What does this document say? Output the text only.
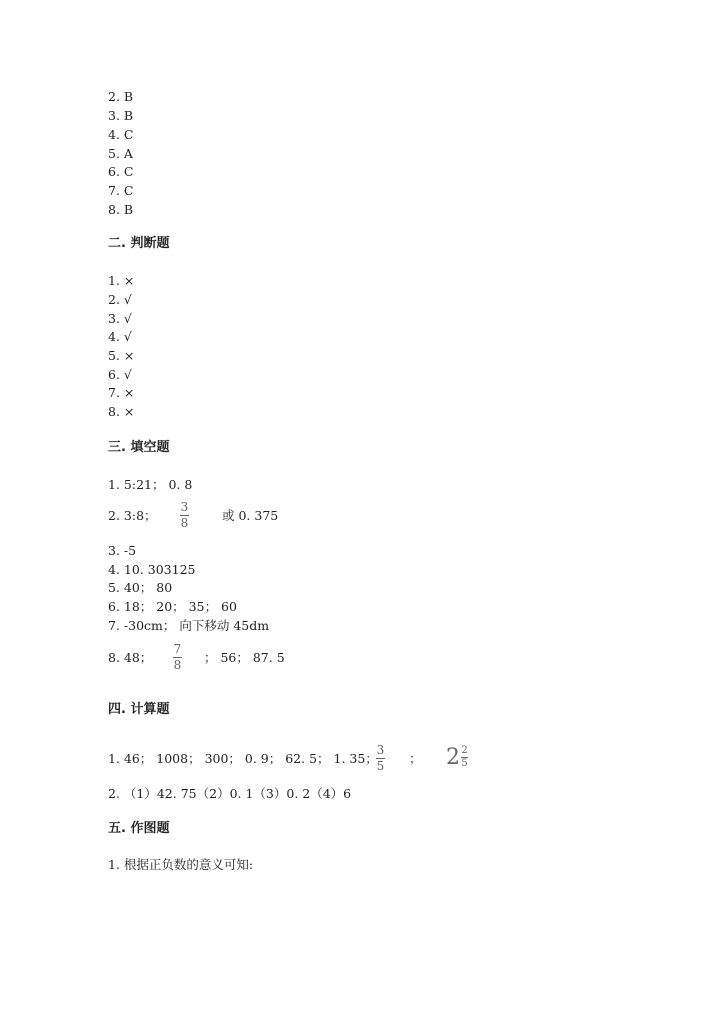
2. B
3. B
4. C
5. A
6. C
7. C
8. B
二. 判断题
1. ×
2. √
3. √
4. √
5. ×
6. √
7. ×
8. ×
三. 填空题
1. 5:21； 0. 8
2. 3:8； $\frac{3}{8}$	或 0. 375
3. -5
4. 10. 303125
5. 40； 80
6. 18； 20； 35； 60
7. -30cm； 向下移动 45dm
8. 48； $\frac{7}{8}$ ； 56； 87. 5
四. 计算题
1. 46； 1008； 300； 0. 9； 62. 5； 1. 35；
$\frac{3}{5}$ ； $2 \frac{2}{5}$
2. （1）42. 75（2）0. 1（3）0. 2（4）6
五. 作图题
1. 根据正负数的意义可知:
